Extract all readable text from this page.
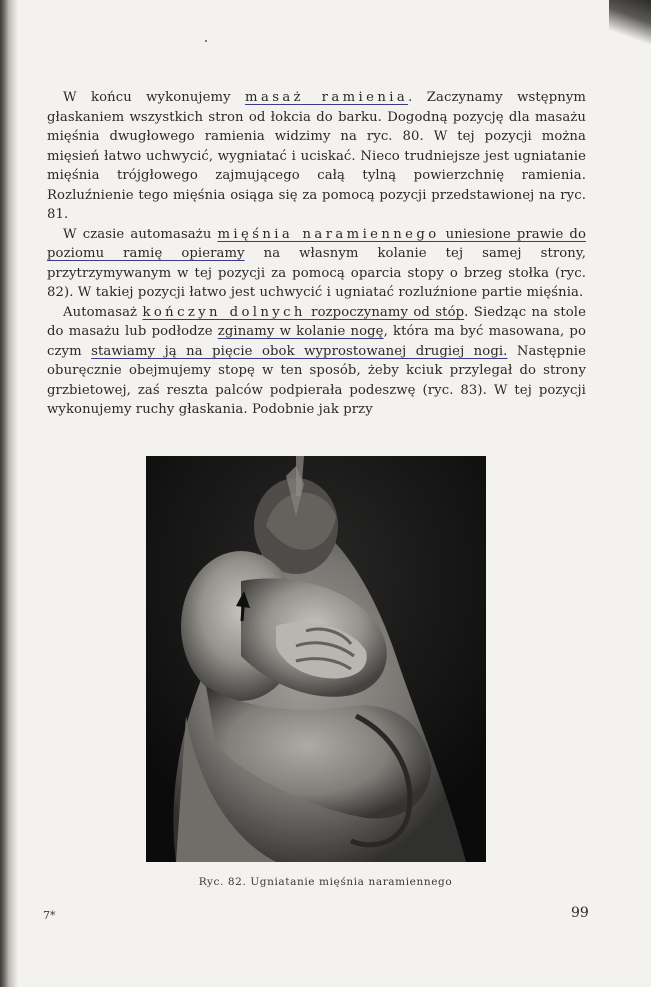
W końcu wykonujemy masaż ramienia. Zaczynamy wstępnym głaskaniem wszystkich stron od łokcia do barku. Dogodną pozycję dla masażu mięśnia dwugłowego ramienia widzimy na ryc. 80. W tej pozycji można mięsień łatwo uchwycić, wygniatać i uciskać. Nieco trudniejsze jest ugniatanie mięśnia trójgłowego zajmującego całą tylną powierzchnię ramienia. Rozluźnienie tego mięśnia osiąga się za pomocą pozycji przedstawionej na ryc. 81.

W czasie automasażu mięśnia naramiennego uniesione prawie do poziomu ramię opieramy na własnym kolanie tej samej strony, przytrzymywanym w tej pozycji za pomocą oparcia stopy o brzeg stołka (ryc. 82). W takiej pozycji łatwo jest uchwycić i ugniatać rozluźnione partie mięśnia.

Automasaż kończyn dolnych rozpoczynamy od stóp. Siedząc na stole do masażu lub podłodze zginamy w kolanie nogę, która ma być masowana, po czym stawiamy ją na pięcie obok wyprostowanej drugiej nogi. Następnie oburęcznie obejmujemy stopę w ten sposób, żeby kciuk przylegał do strony grzbietowej, zaś reszta palców podpierała podeszwę (ryc. 83). W tej pozycji wykonujemy ruchy głaskania. Podobnie jak przy

Ryc. 82. Ugniatanie mięśnia naramiennego
7*	99
